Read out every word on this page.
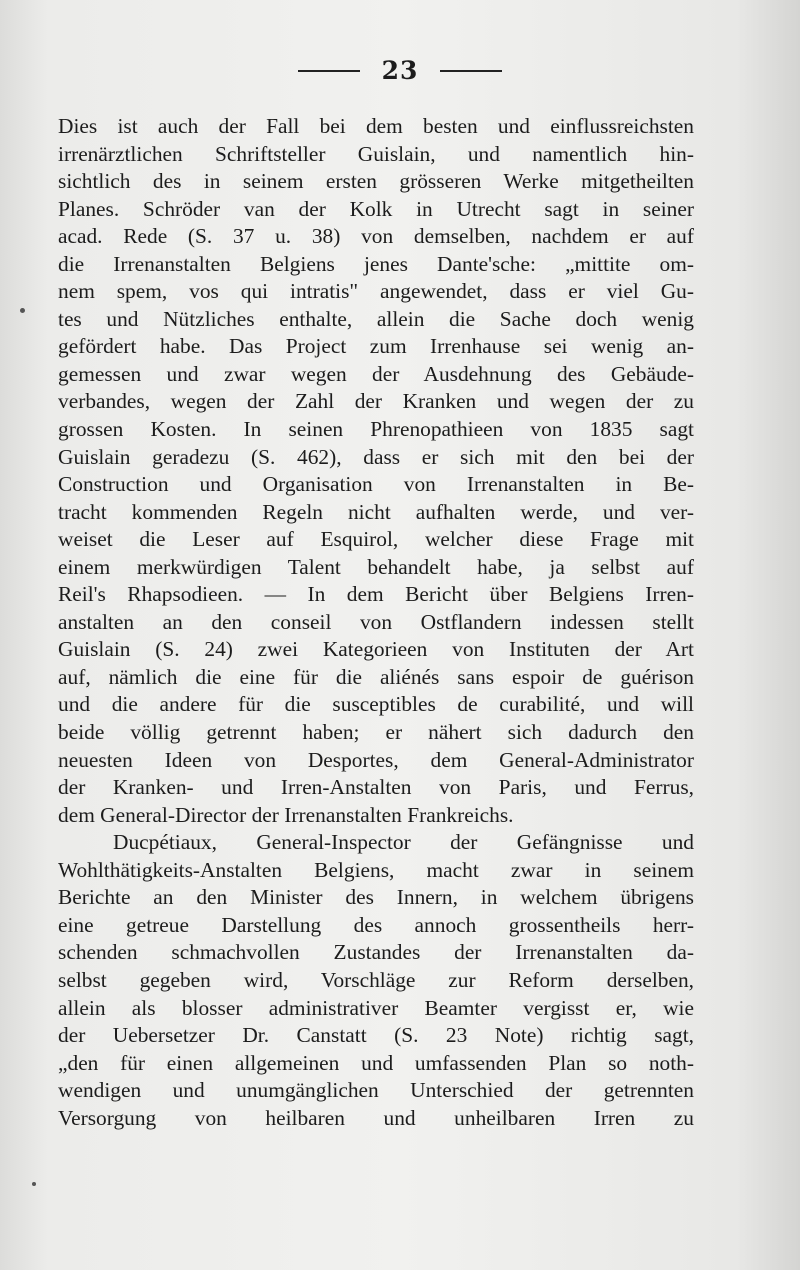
23
Dies ist auch der Fall bei dem besten und einflussreichsten
irrenärztlichen Schriftsteller Guislain, und namentlich hin-
sichtlich des in seinem ersten grösseren Werke mitgetheilten
Planes. Schröder van der Kolk in Utrecht sagt in seiner
acad. Rede (S. 37 u. 38) von demselben, nachdem er auf
die Irrenanstalten Belgiens jenes Dante'sche: „mittite om-
nem spem, vos qui intratis" angewendet, dass er viel Gu-
tes und Nützliches enthalte, allein die Sache doch wenig
gefördert habe. Das Project zum Irrenhause sei wenig an-
gemessen und zwar wegen der Ausdehnung des Gebäude-
verbandes, wegen der Zahl der Kranken und wegen der zu
grossen Kosten. In seinen Phrenopathieen von 1835 sagt
Guislain geradezu (S. 462), dass er sich mit den bei der
Construction und Organisation von Irrenanstalten in Be-
tracht kommenden Regeln nicht aufhalten werde, und ver-
weiset die Leser auf Esquirol, welcher diese Frage mit
einem merkwürdigen Talent behandelt habe, ja selbst auf
Reil's Rhapsodieen. — In dem Bericht über Belgiens Irren-
anstalten an den conseil von Ostflandern indessen stellt
Guislain (S. 24) zwei Kategorieen von Instituten der Art
auf, nämlich die eine für die aliénés sans espoir de guérison
und die andere für die susceptibles de curabilité, und will
beide völlig getrennt haben; er nähert sich dadurch den
neuesten Ideen von Desportes, dem General-Administrator
der Kranken- und Irren-Anstalten von Paris, und Ferrus,
dem General-Director der Irrenanstalten Frankreichs.
Ducpétiaux, General-Inspector der Gefängnisse und
Wohlthätigkeits-Anstalten Belgiens, macht zwar in seinem
Berichte an den Minister des Innern, in welchem übrigens
eine getreue Darstellung des annoch grossentheils herr-
schenden schmachvollen Zustandes der Irrenanstalten da-
selbst gegeben wird, Vorschläge zur Reform derselben,
allein als blosser administrativer Beamter vergisst er, wie
der Uebersetzer Dr. Canstatt (S. 23 Note) richtig sagt,
„den für einen allgemeinen und umfassenden Plan so noth-
wendigen und unumgänglichen Unterschied der getrennten
Versorgung von heilbaren und unheilbaren Irren zu
